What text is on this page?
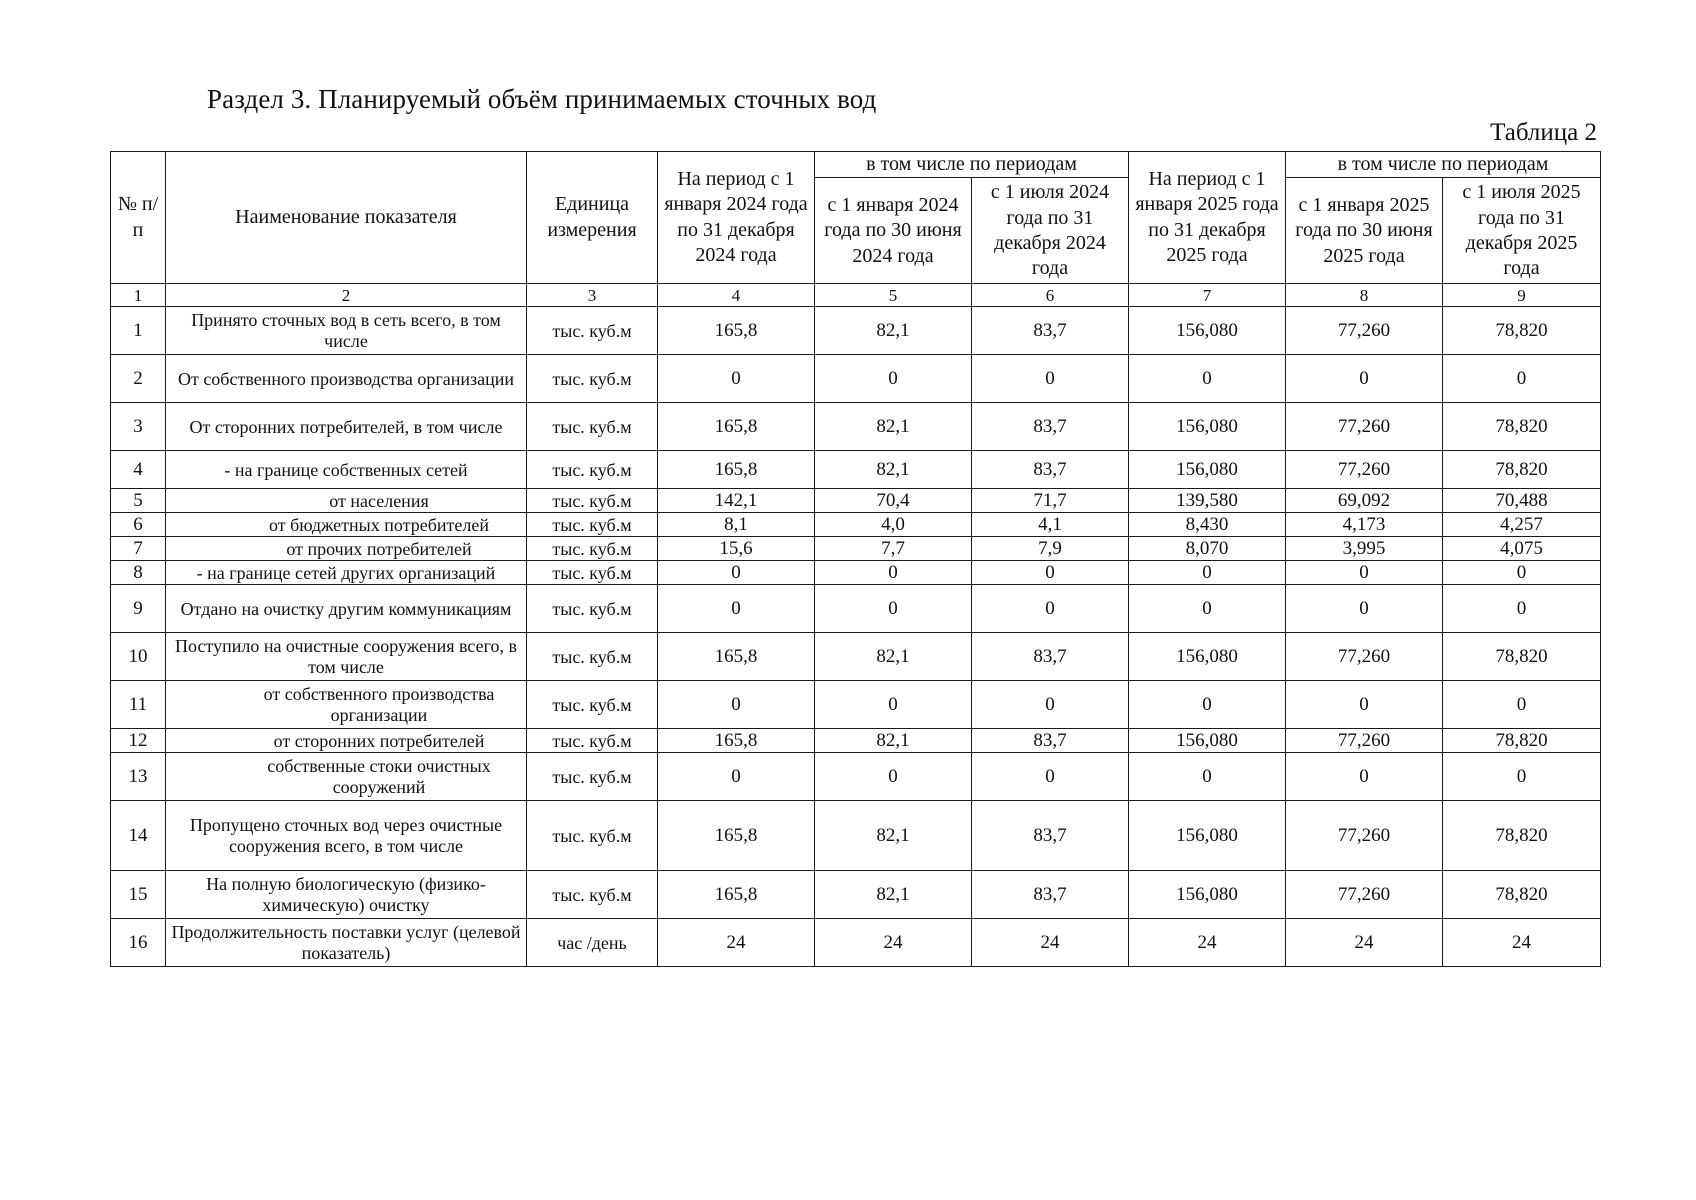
Раздел 3. Планируемый объём принимаемых сточных вод
Таблица 2
№ п/п	Наименование показателя	Единица измерения	На период с 1 января 2024 года по 31 декабря 2024 года	в том числе по периодам		На период с 1 января 2025 года по 31 декабря 2025 года	в том числе по периодам	
				с 1 января 2024 года по 30 июня 2024 года	с 1 июля 2024 года по 31 декабря 2024 года		с 1 января 2025 года по 30 июня 2025 года	с 1 июля 2025 года по 31 декабря 2025 года
1	2	3	4	5	6	7	8	9
1	Принято сточных вод в сеть всего, в том числе	тыс. куб.м	165,8	82,1	83,7	156,080	77,260	78,820
2	От собственного производства организации	тыс. куб.м	0	0	0	0	0	0
3	От сторонних потребителей, в том числе	тыс. куб.м	165,8	82,1	83,7	156,080	77,260	78,820
4	- на границе собственных сетей	тыс. куб.м	165,8	82,1	83,7	156,080	77,260	78,820
5	от населения	тыс. куб.м	142,1	70,4	71,7	139,580	69,092	70,488
6	от бюджетных потребителей	тыс. куб.м	8,1	4,0	4,1	8,430	4,173	4,257
7	от прочих потребителей	тыс. куб.м	15,6	7,7	7,9	8,070	3,995	4,075
8	- на границе сетей других организаций	тыс. куб.м	0	0	0	0	0	0
9	Отдано на очистку другим коммуникациям	тыс. куб.м	0	0	0	0	0	0
10	Поступило на очистные сооружения всего, в том числе	тыс. куб.м	165,8	82,1	83,7	156,080	77,260	78,820
11	от собственного производства организации	тыс. куб.м	0	0	0	0	0	0
12	от сторонних потребителей	тыс. куб.м	165,8	82,1	83,7	156,080	77,260	78,820
13	собственные стоки очистных сооружений	тыс. куб.м	0	0	0	0	0	0
14	Пропущено сточных вод через очистные сооружения всего, в том числе	тыс. куб.м	165,8	82,1	83,7	156,080	77,260	78,820
15	На полную биологическую (физико-химическую) очистку	тыс. куб.м	165,8	82,1	83,7	156,080	77,260	78,820
16	Продолжительность поставки услуг (целевой показатель)	час /день	24	24	24	24	24	24
